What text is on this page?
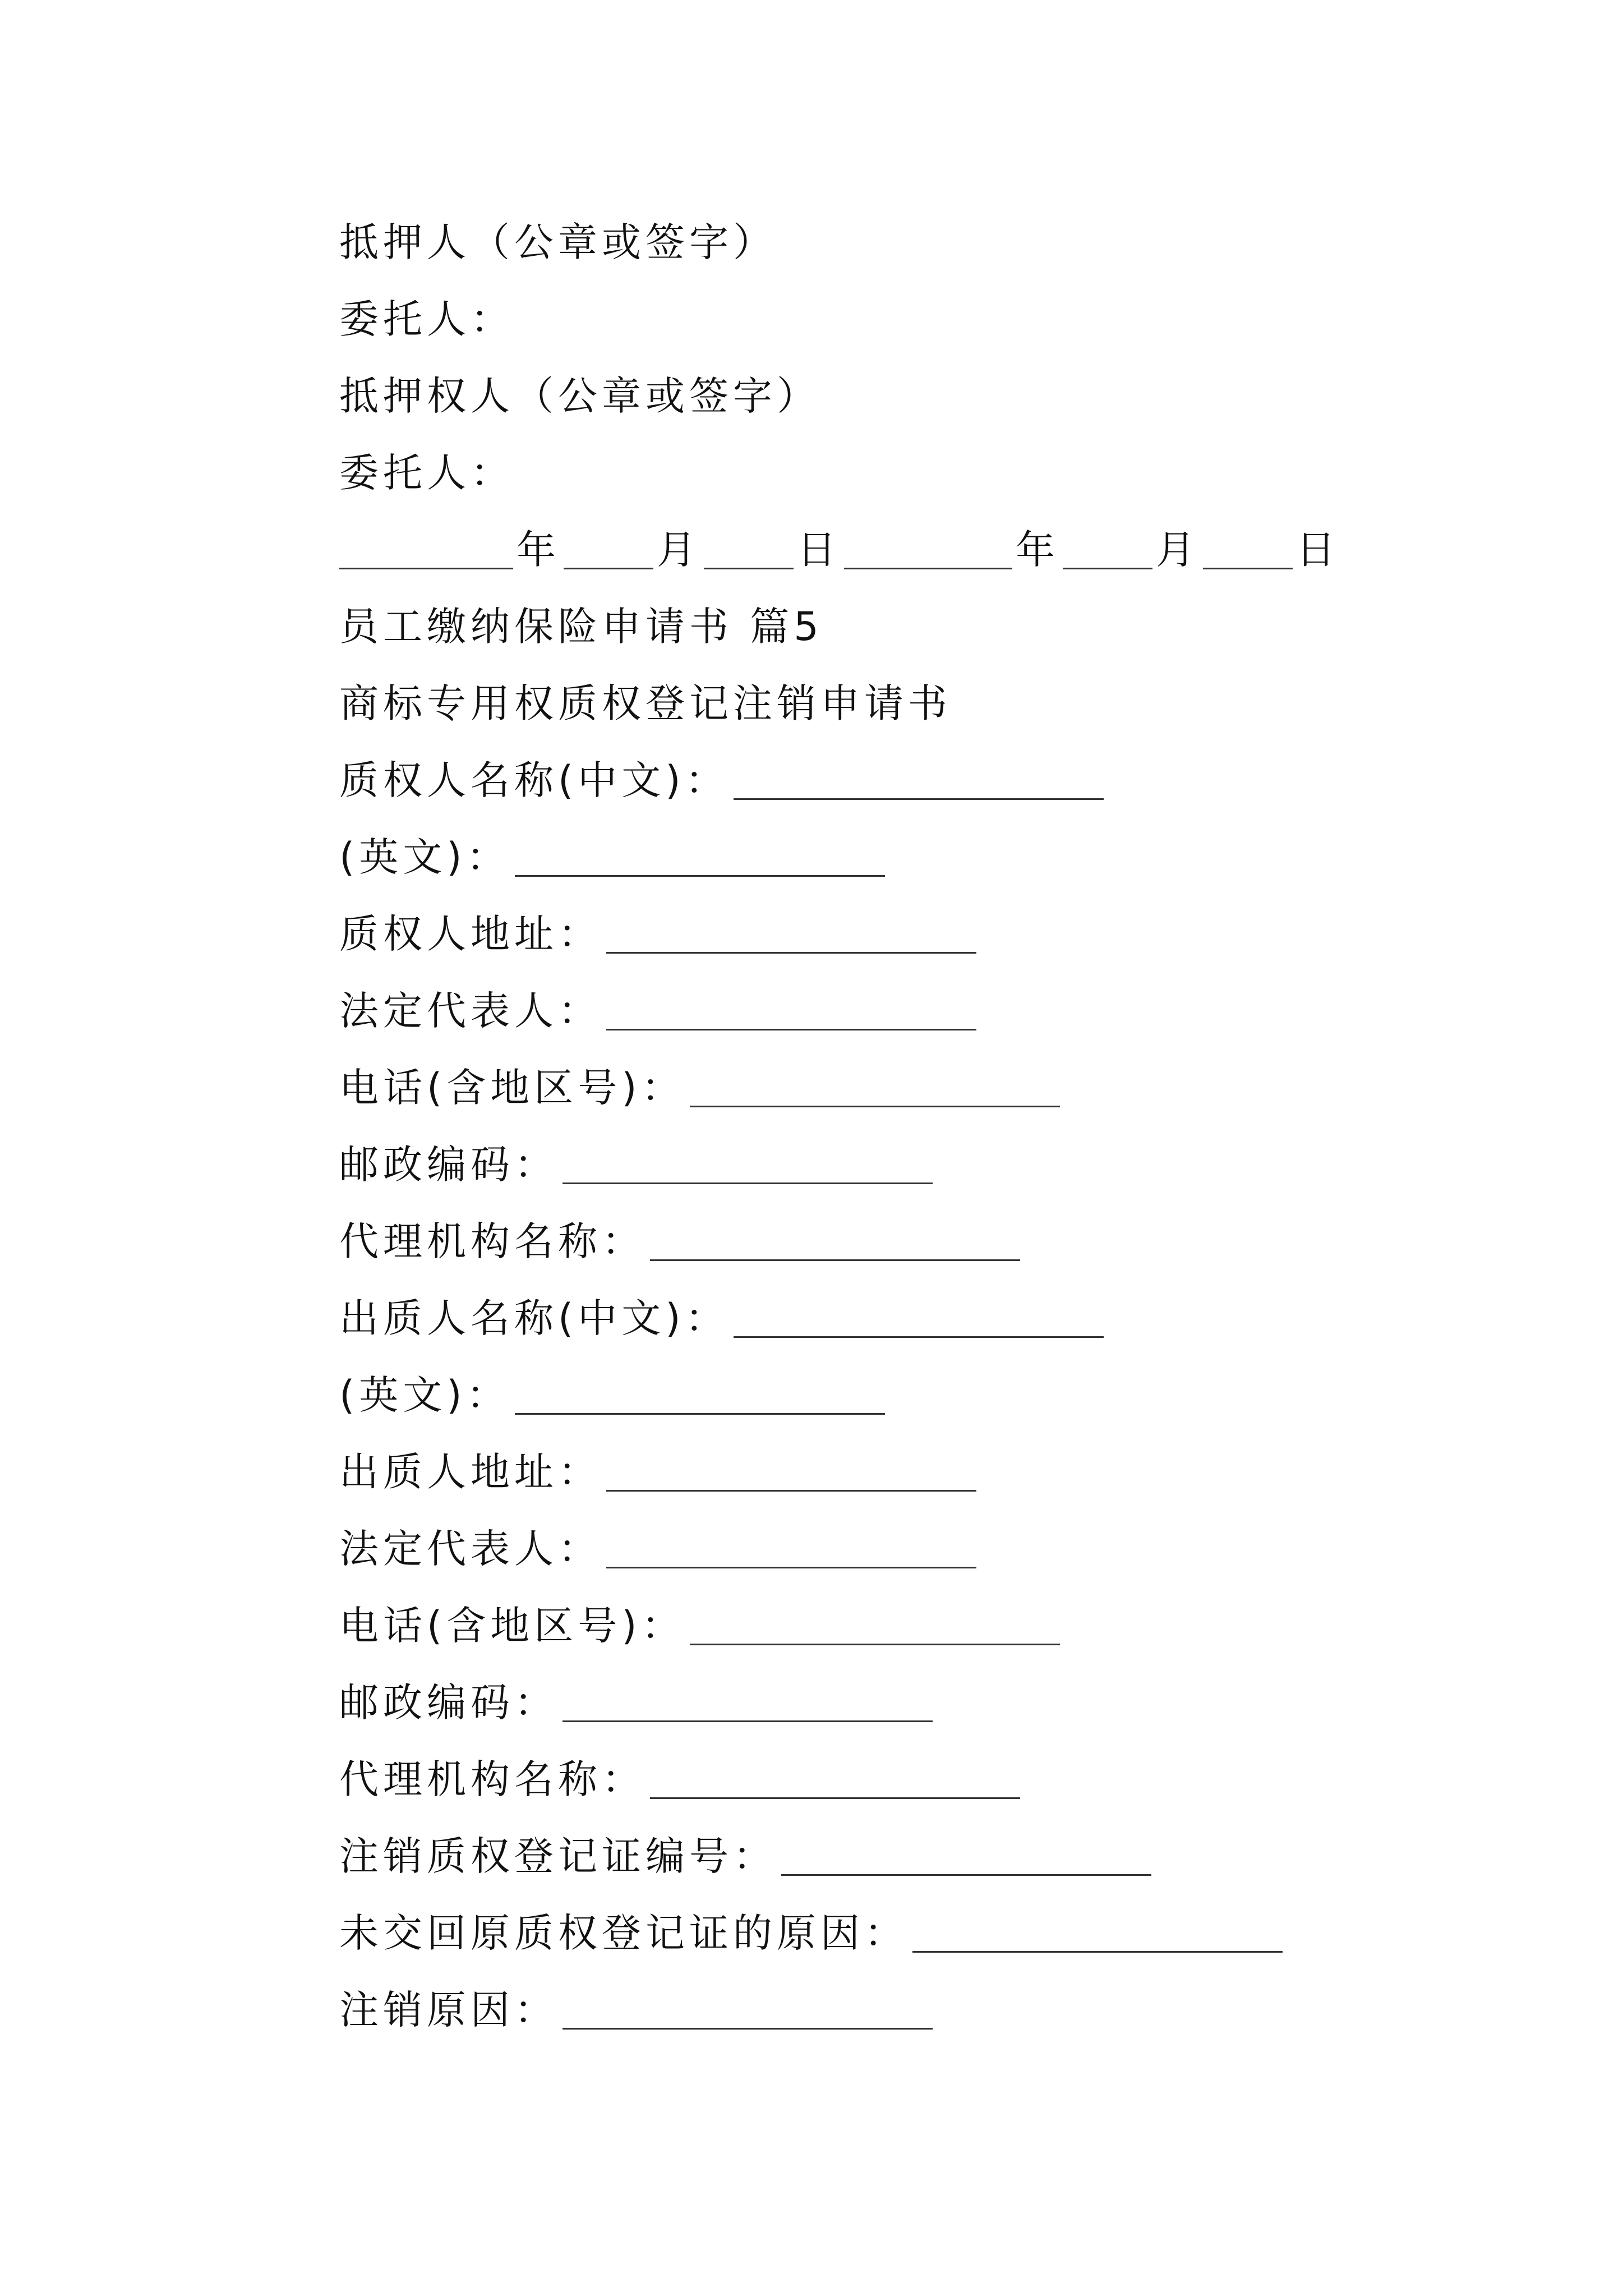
抵押人（公章或签字）
委托人：
抵押权人（公章或签字）
委托人：
年 月 日	年 月 日
员工缴纳保险申请书 篇5
商标专用权质权登记注销申请书
质权人名称(中文)：
(英文)：
质权人地址：
法定代表人：
电话(含地区号)：
邮政编码：
代理机构名称：
出质人名称(中文)：
(英文)：
出质人地址：
法定代表人：
电话(含地区号)：
邮政编码：
代理机构名称：
注销质权登记证编号：
未交回原质权登记证的原因：
注销原因：
